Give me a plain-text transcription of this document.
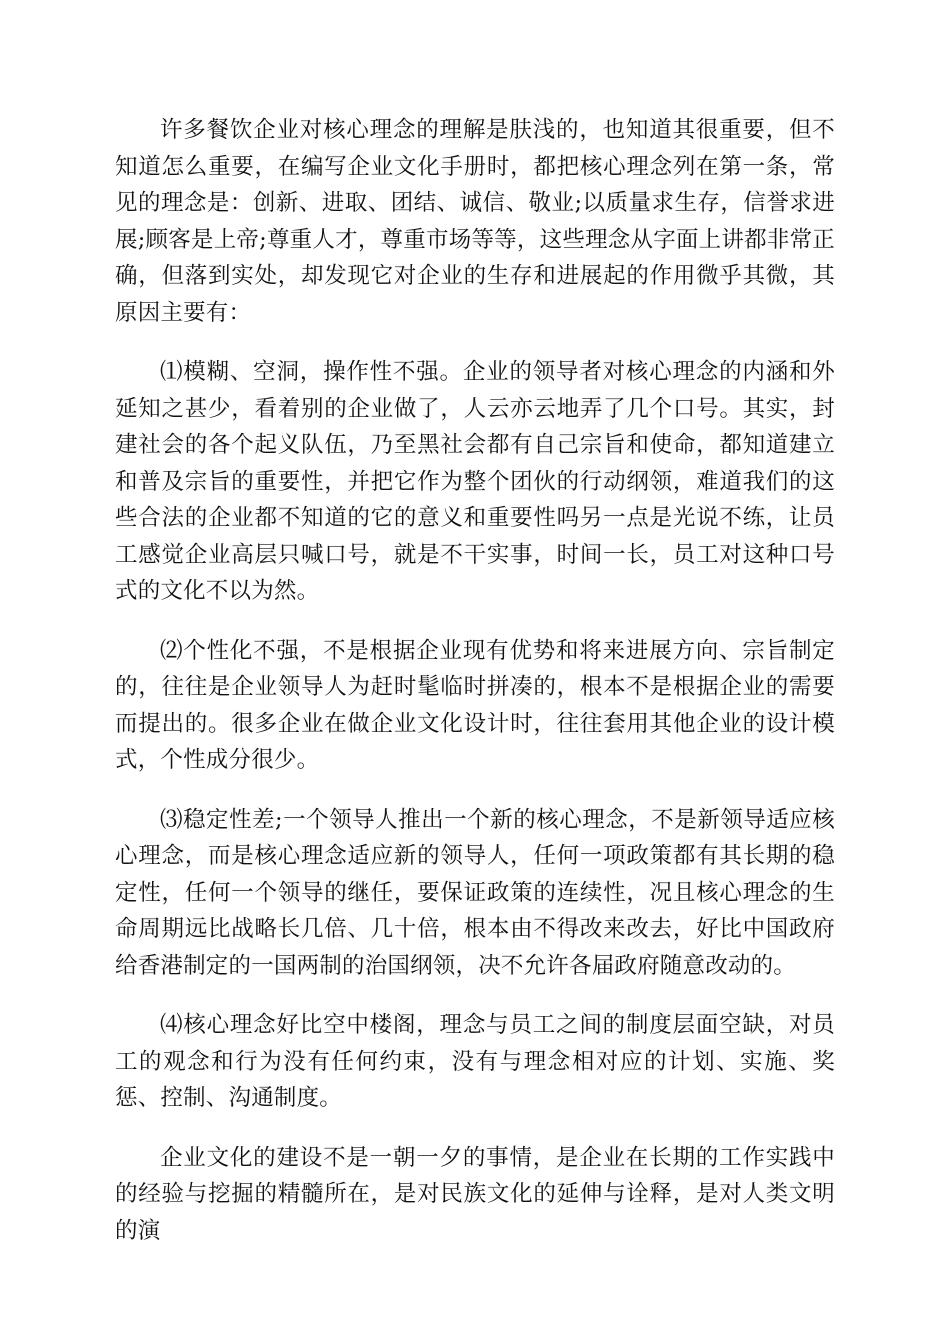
许多餐饮企业对核心理念的理解是肤浅的，也知道其很重要，但不知道怎么重要，在编写企业文化手册时，都把核心理念列在第一条，常见的理念是：创新、进取、团结、诚信、敬业;以质量求生存，信誉求进展;顾客是上帝;尊重人才，尊重市场等等，这些理念从字面上讲都非常正确，但落到实处，却发现它对企业的生存和进展起的作用微乎其微，其原因主要有：

⑴模糊、空洞，操作性不强。企业的领导者对核心理念的内涵和外延知之甚少，看着别的企业做了，人云亦云地弄了几个口号。其实，封建社会的各个起义队伍，乃至黑社会都有自己宗旨和使命，都知道建立和普及宗旨的重要性，并把它作为整个团伙的行动纲领，难道我们的这些合法的企业都不知道的它的意义和重要性吗另一点是光说不练，让员工感觉企业高层只喊口号，就是不干实事，时间一长，员工对这种口号式的文化不以为然。

⑵个性化不强，不是根据企业现有优势和将来进展方向、宗旨制定的，往往是企业领导人为赶时髦临时拼凑的，根本不是根据企业的需要而提出的。很多企业在做企业文化设计时，往往套用其他企业的设计模式，个性成分很少。

⑶稳定性差;一个领导人推出一个新的核心理念，不是新领导适应核心理念，而是核心理念适应新的领导人，任何一项政策都有其长期的稳定性，任何一个领导的继任，要保证政策的连续性，况且核心理念的生命周期远比战略长几倍、几十倍，根本由不得改来改去，好比中国政府给香港制定的一国两制的治国纲领，决不允许各届政府随意改动的。

⑷核心理念好比空中楼阁，理念与员工之间的制度层面空缺，对员工的观念和行为没有任何约束，没有与理念相对应的计划、实施、奖惩、控制、沟通制度。

企业文化的建设不是一朝一夕的事情，是企业在长期的工作实践中的经验与挖掘的精髓所在，是对民族文化的延伸与诠释，是对人类文明的演
